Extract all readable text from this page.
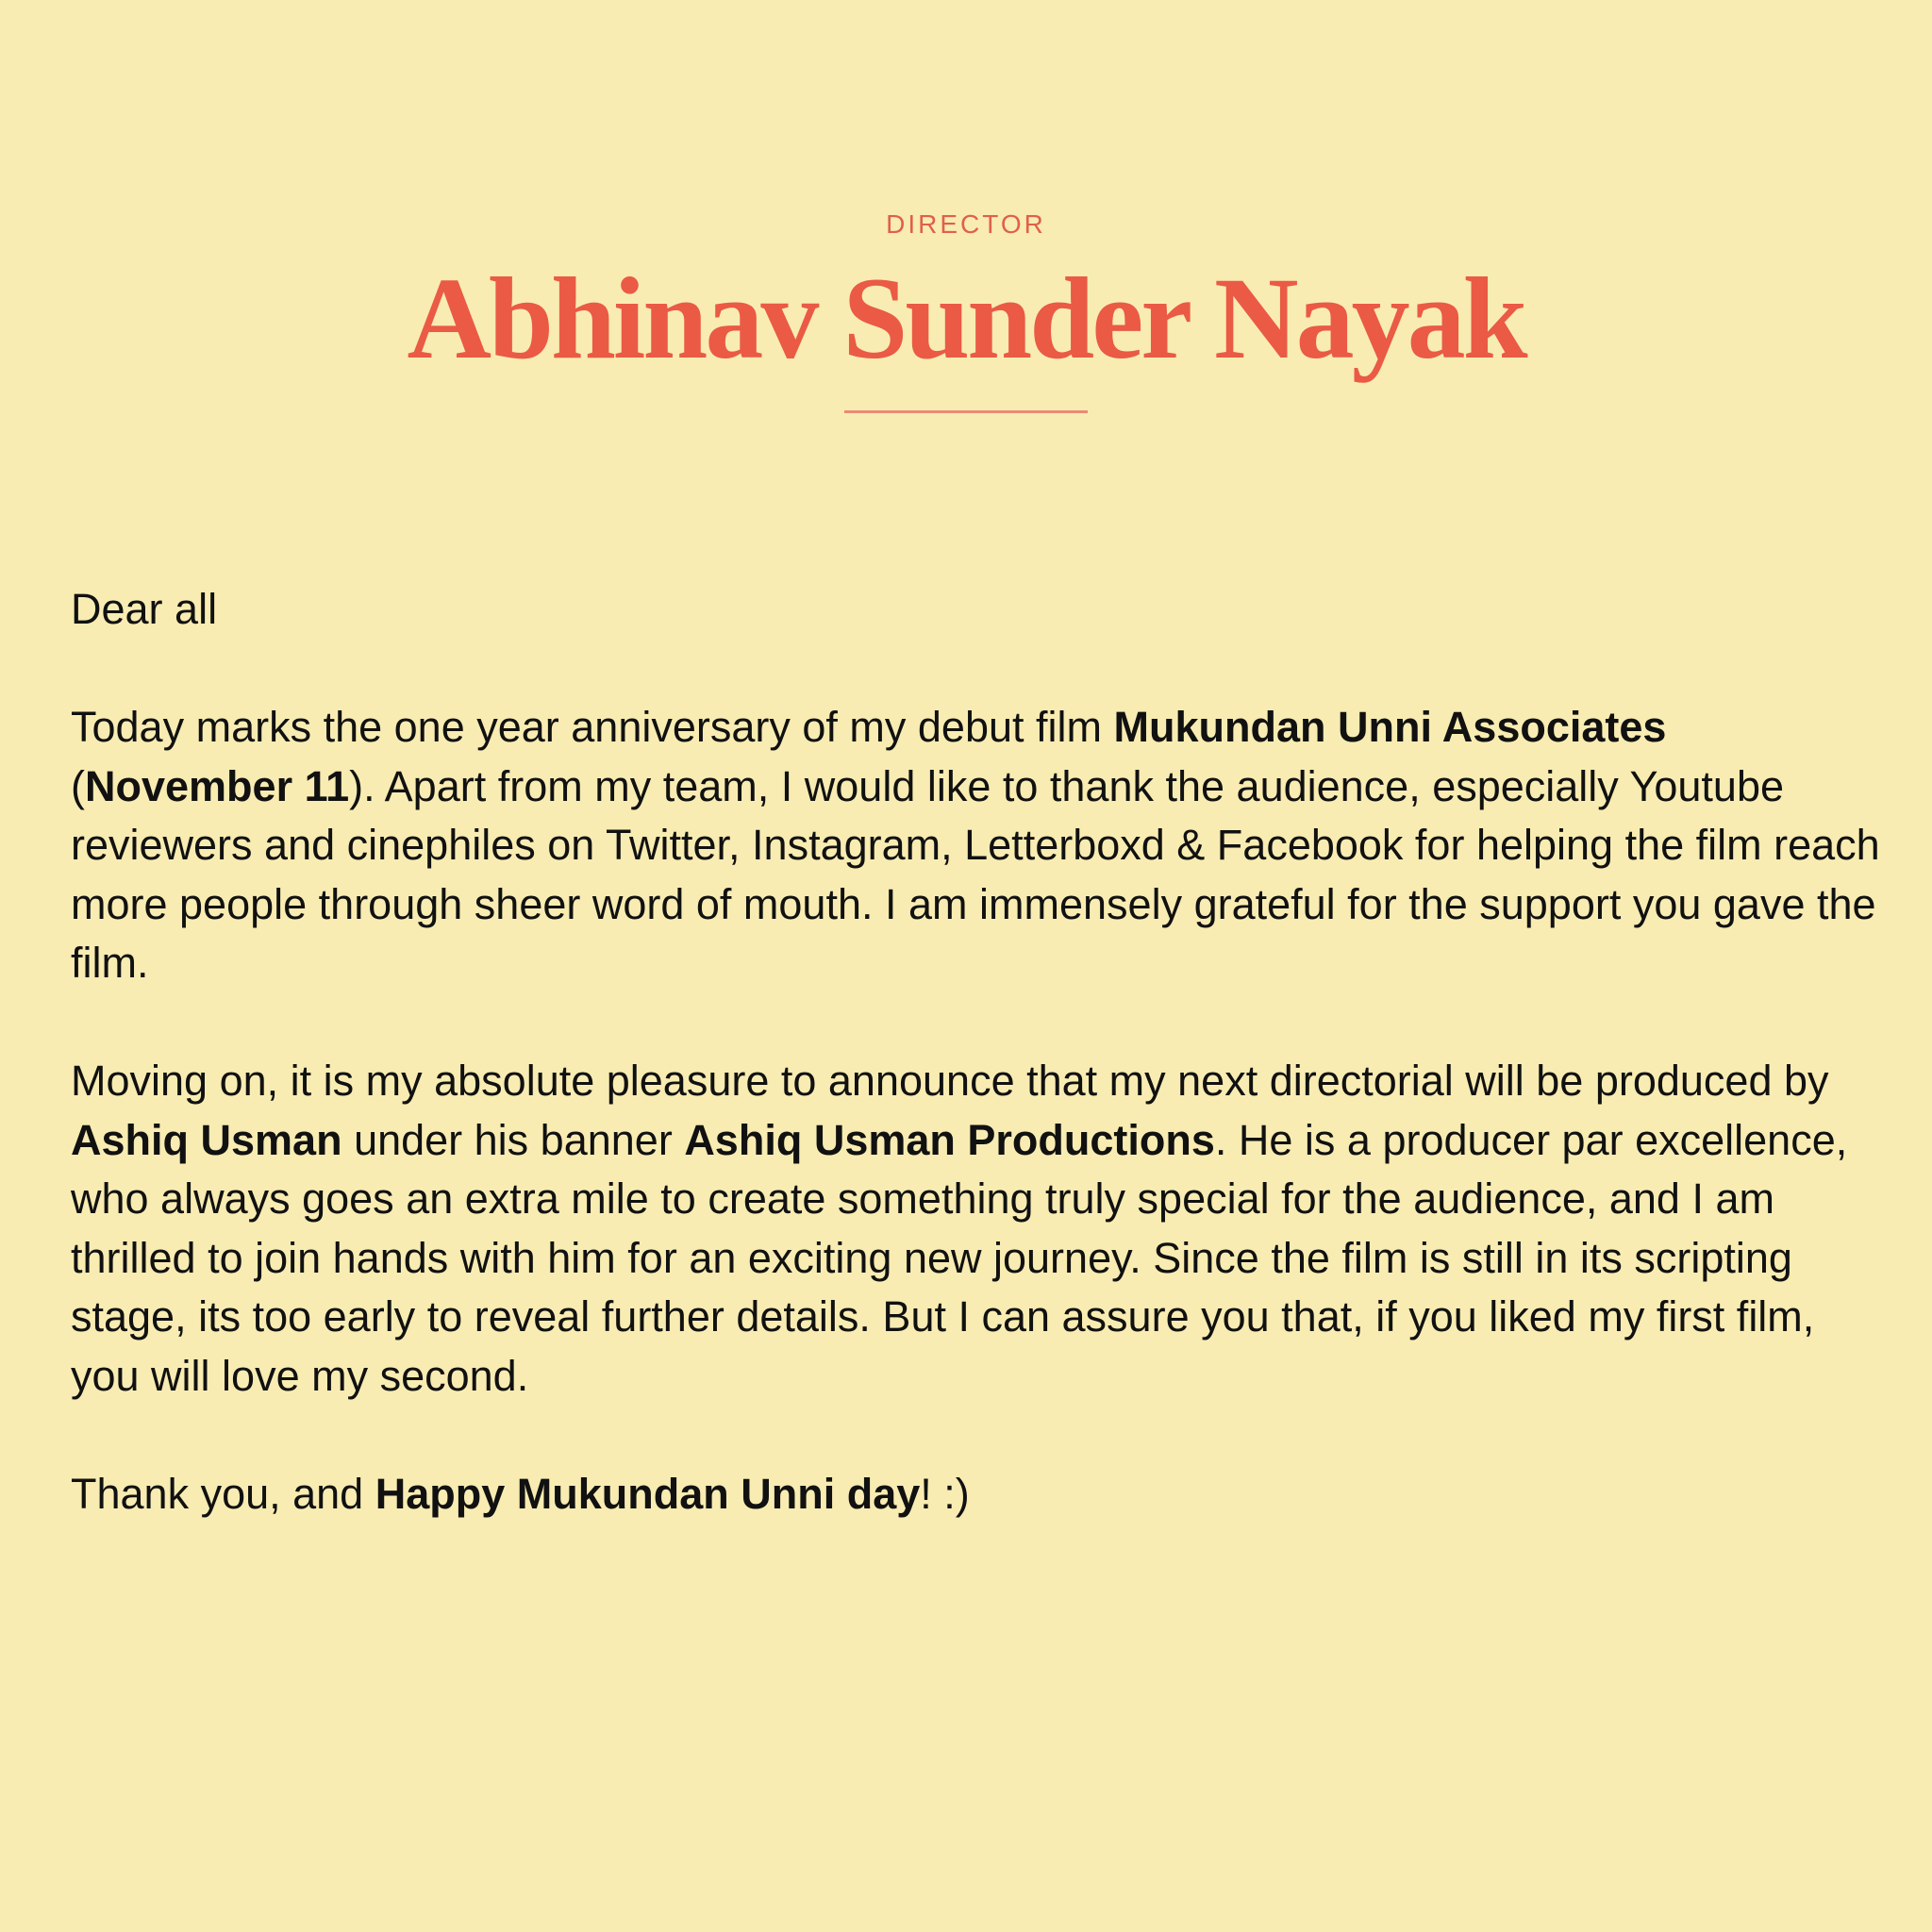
DIRECTOR
Abhinav Sunder Nayak

Dear all

Today marks the one year anniversary of my debut film Mukundan Unni Associates (November 11). Apart from my team, I would like to thank the audience, especially Youtube reviewers and cinephiles on Twitter, Instagram, Letterboxd & Facebook for helping the film reach more people through sheer word of mouth. I am immensely grateful for the support you gave the film.

Moving on, it is my absolute pleasure to announce that my next directorial will be produced by Ashiq Usman under his banner Ashiq Usman Productions. He is a producer par excellence, who always goes an extra mile to create something truly special for the audience, and I am thrilled to join hands with him for an exciting new journey. Since the film is still in its scripting stage, its too early to reveal further details. But I can assure you that, if you liked my first film, you will love my second.

Thank you, and Happy Mukundan Unni day! :)
